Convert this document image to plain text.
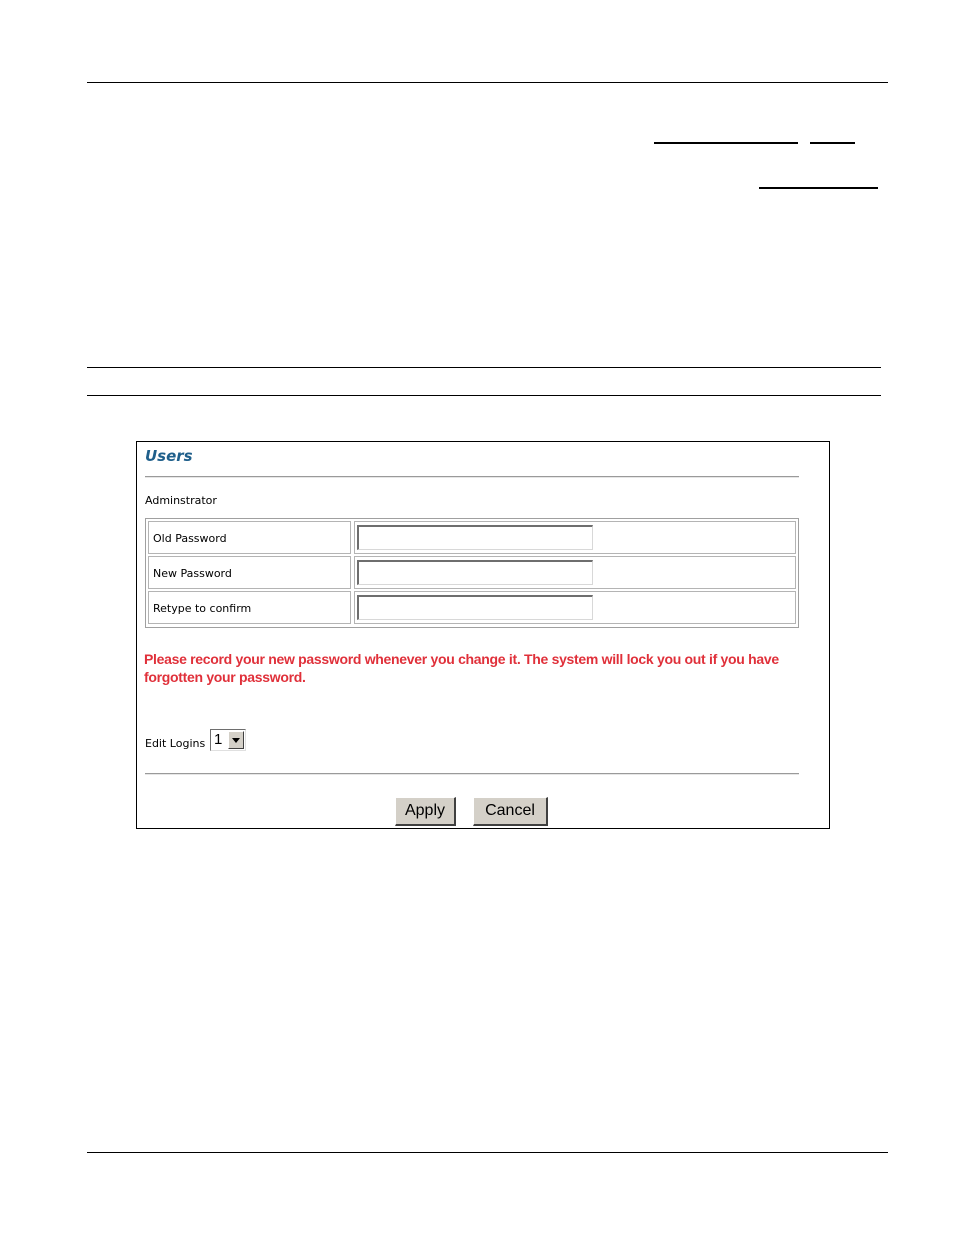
Users
Adminstrator
Old Password
New Password
Retype to confirm
Please record your new password whenever you change it. The system will lock you out if you have forgotten your password.
Edit Logins 1
Apply	Cancel
